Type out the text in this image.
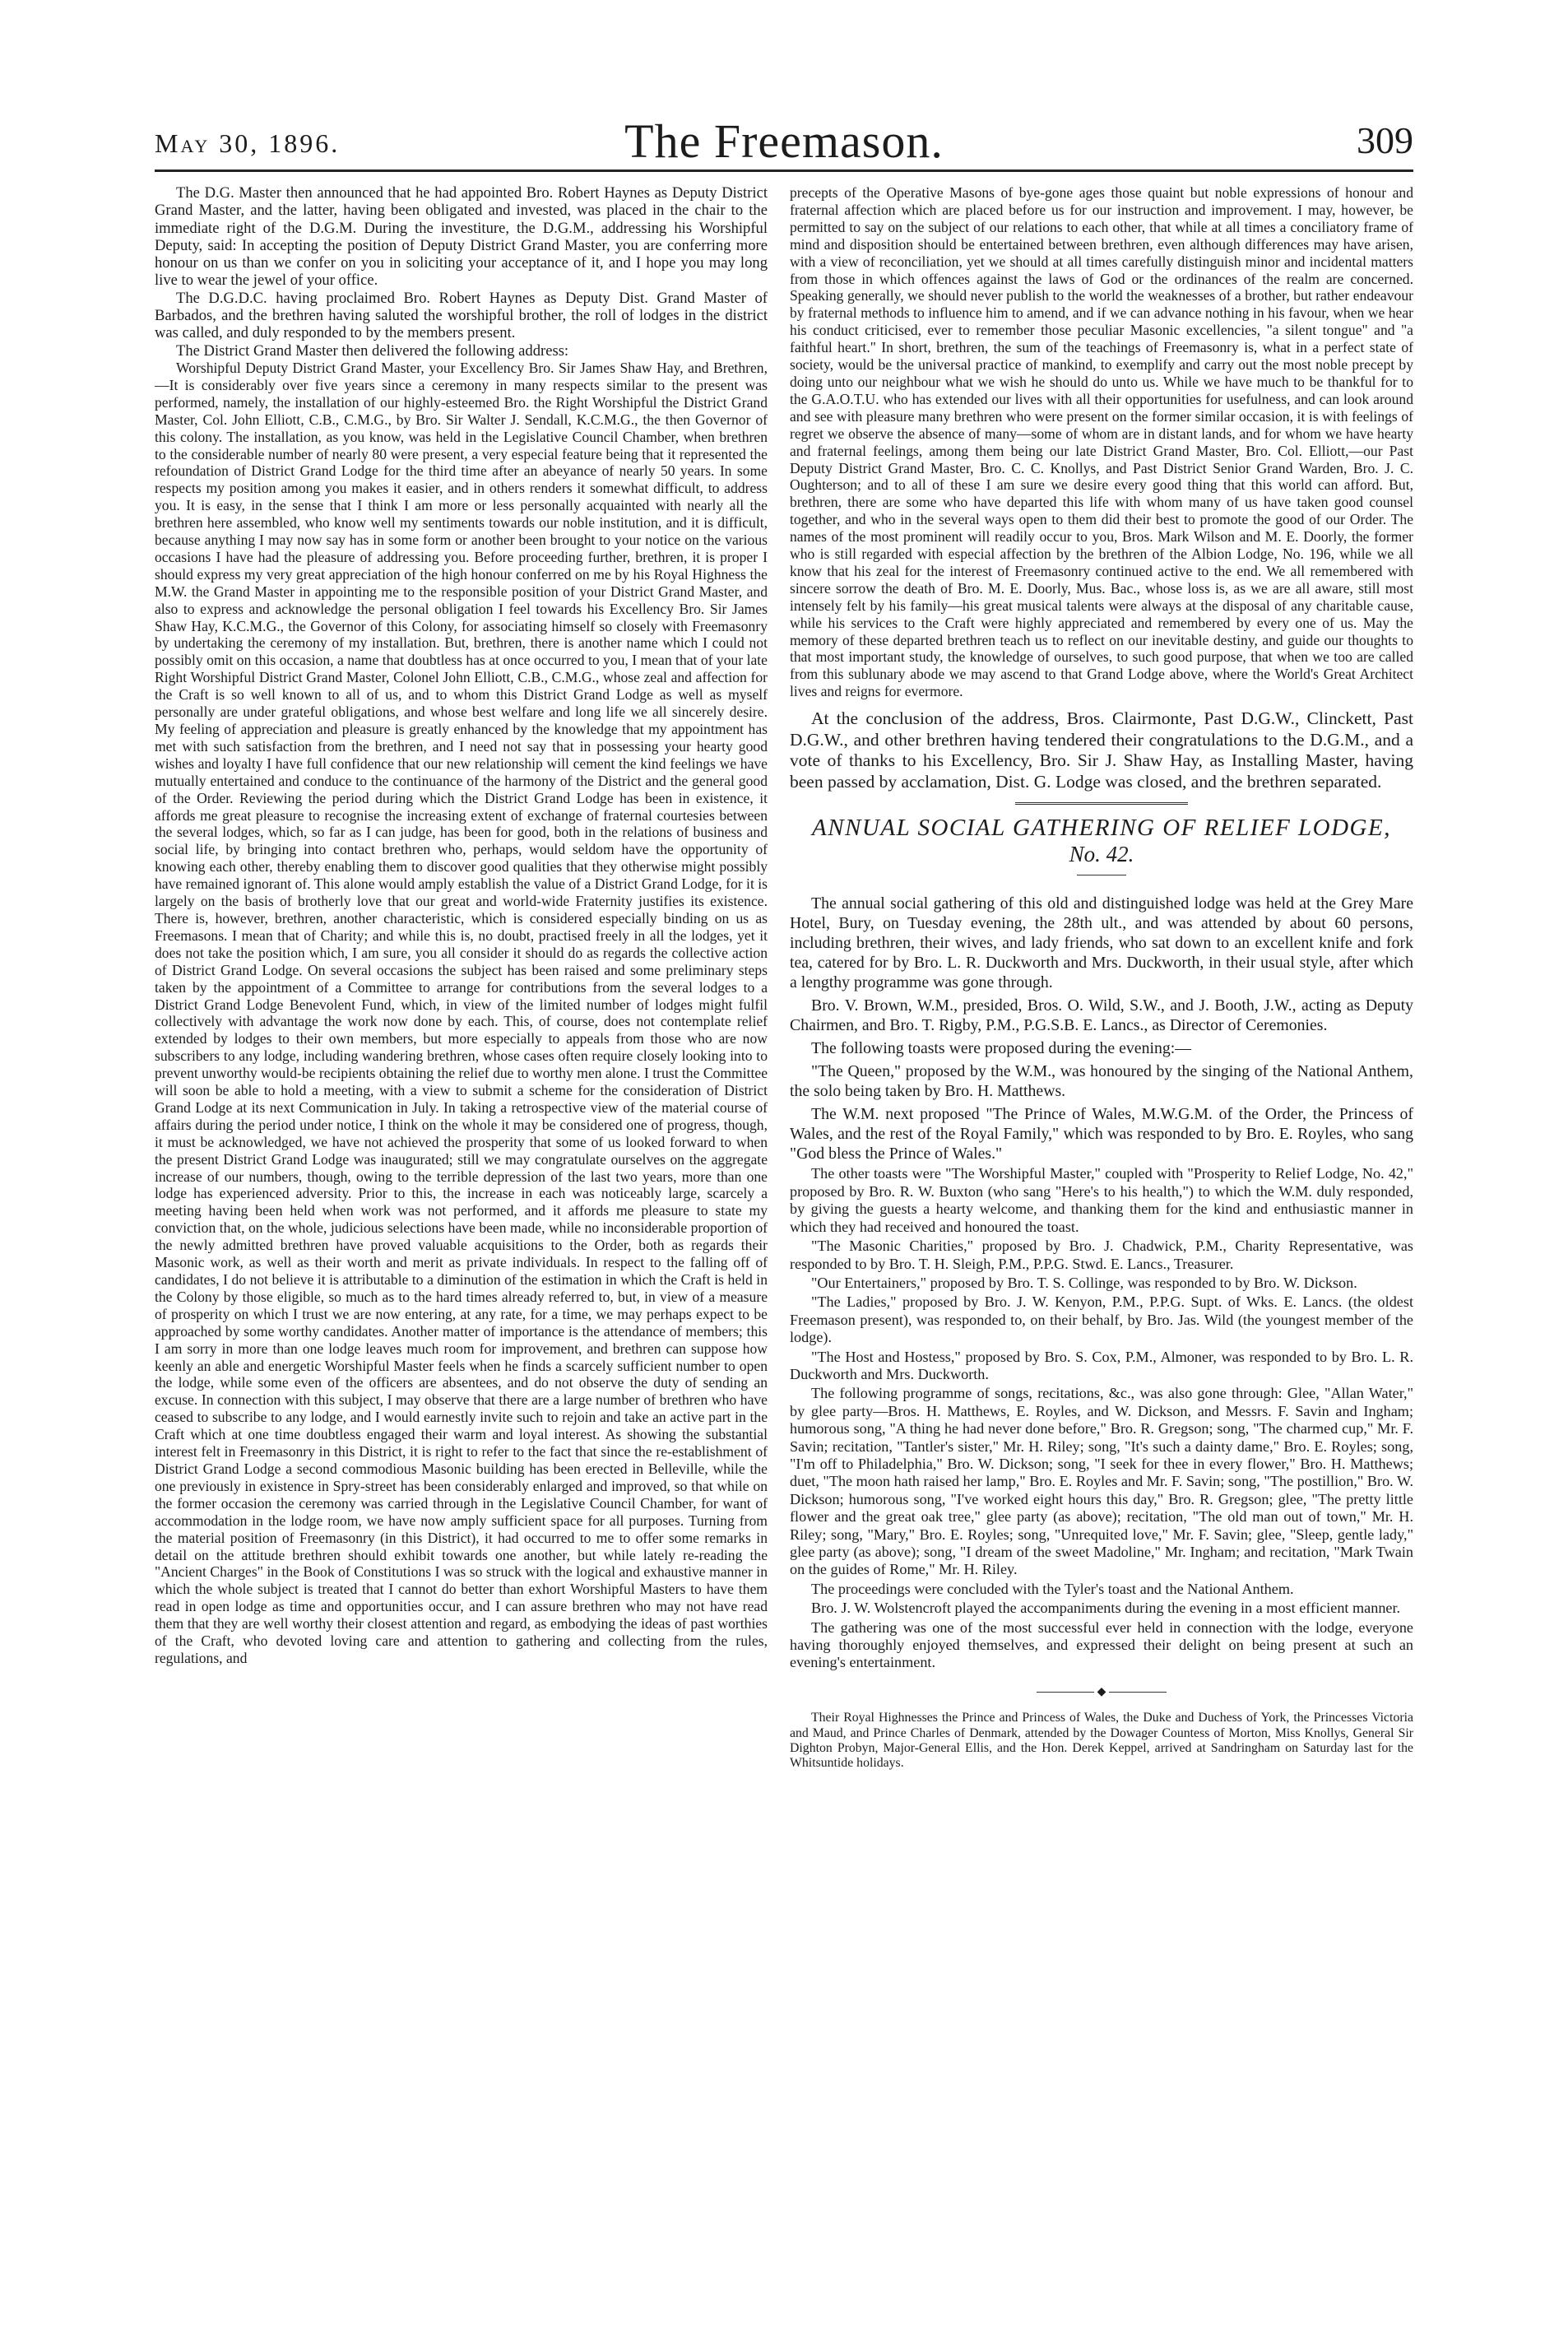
May 30, 1896.	The Freemason.	309

The D.G. Master then announced that he had appointed Bro. Robert Haynes as Deputy District Grand Master, and the latter, having been obligated and invested, was placed in the chair to the immediate right of the D.G.M. During the investiture, the D.G.M., addressing his Worshipful Deputy, said: In accepting the position of Deputy District Grand Master, you are conferring more honour on us than we confer on you in soliciting your acceptance of it, and I hope you may long live to wear the jewel of your office.

The D.G.D.C. having proclaimed Bro. Robert Haynes as Deputy Dist. Grand Master of Barbados, and the brethren having saluted the worshipful brother, the roll of lodges in the district was called, and duly responded to by the members present.

The District Grand Master then delivered the following address:

Worshipful Deputy District Grand Master, your Excellency Bro. Sir James Shaw Hay, and Brethren,—It is considerably over five years since a ceremony in many respects similar to the present was performed, namely, the installation of our highly-esteemed Bro. the Right Worshipful the District Grand Master, Col. John Elliott, C.B., C.M.G., by Bro. Sir Walter J. Sendall, K.C.M.G., the then Governor of this colony. The installation, as you know, was held in the Legislative Council Chamber, when brethren to the considerable number of nearly 80 were present, a very especial feature being that it represented the refoundation of District Grand Lodge for the third time after an abeyance of nearly 50 years. In some respects my position among you makes it easier, and in others renders it somewhat difficult, to address you. It is easy, in the sense that I think I am more or less personally acquainted with nearly all the brethren here assembled, who know well my sentiments towards our noble institution, and it is difficult, because anything I may now say has in some form or another been brought to your notice on the various occasions I have had the pleasure of addressing you. Before proceeding further, brethren, it is proper I should express my very great appreciation of the high honour conferred on me by his Royal Highness the M.W. the Grand Master in appointing me to the responsible position of your District Grand Master, and also to express and acknowledge the personal obligation I feel towards his Excellency Bro. Sir James Shaw Hay, K.C.M.G., the Governor of this Colony, for associating himself so closely with Freemasonry by undertaking the ceremony of my installation. But, brethren, there is another name which I could not possibly omit on this occasion, a name that doubtless has at once occurred to you, I mean that of your late Right Worshipful District Grand Master, Colonel John Elliott, C.B., C.M.G., whose zeal and affection for the Craft is so well known to all of us, and to whom this District Grand Lodge as well as myself personally are under grateful obligations, and whose best welfare and long life we all sincerely desire. My feeling of appreciation and pleasure is greatly enhanced by the knowledge that my appointment has met with such satisfaction from the brethren, and I need not say that in possessing your hearty good wishes and loyalty I have full confidence that our new relationship will cement the kind feelings we have mutually entertained and conduce to the continuance of the harmony of the District and the general good of the Order. Reviewing the period during which the District Grand Lodge has been in existence, it affords me great pleasure to recognise the increasing extent of exchange of fraternal courtesies between the several lodges, which, so far as I can judge, has been for good, both in the relations of business and social life, by bringing into contact brethren who, perhaps, would seldom have the opportunity of knowing each other, thereby enabling them to discover good qualities that they otherwise might possibly have remained ignorant of. This alone would amply establish the value of a District Grand Lodge, for it is largely on the basis of brotherly love that our great and world-wide Fraternity justifies its existence. There is, however, brethren, another characteristic, which is considered especially binding on us as Freemasons. I mean that of Charity; and while this is, no doubt, practised freely in all the lodges, yet it does not take the position which, I am sure, you all consider it should do as regards the collective action of District Grand Lodge. On several occasions the subject has been raised and some preliminary steps taken by the appointment of a Committee to arrange for contributions from the several lodges to a District Grand Lodge Benevolent Fund, which, in view of the limited number of lodges might fulfil collectively with advantage the work now done by each. This, of course, does not contemplate relief extended by lodges to their own members, but more especially to appeals from those who are now subscribers to any lodge, including wandering brethren, whose cases often require closely looking into to prevent unworthy would-be recipients obtaining the relief due to worthy men alone. I trust the Committee will soon be able to hold a meeting, with a view to submit a scheme for the consideration of District Grand Lodge at its next Communication in July. In taking a retrospective view of the material course of affairs during the period under notice, I think on the whole it may be considered one of progress, though, it must be acknowledged, we have not achieved the prosperity that some of us looked forward to when the present District Grand Lodge was inaugurated; still we may congratulate ourselves on the aggregate increase of our numbers, though, owing to the terrible depression of the last two years, more than one lodge has experienced adversity. Prior to this, the increase in each was noticeably large, scarcely a meeting having been held when work was not performed, and it affords me pleasure to state my conviction that, on the whole, judicious selections have been made, while no inconsiderable proportion of the newly admitted brethren have proved valuable acquisitions to the Order, both as regards their Masonic work, as well as their worth and merit as private individuals. In respect to the falling off of candidates, I do not believe it is attributable to a diminution of the estimation in which the Craft is held in the Colony by those eligible, so much as to the hard times already referred to, but, in view of a measure of prosperity on which I trust we are now entering, at any rate, for a time, we may perhaps expect to be approached by some worthy candidates. Another matter of importance is the attendance of members; this I am sorry in more than one lodge leaves much room for improvement, and brethren can suppose how keenly an able and energetic Worshipful Master feels when he finds a scarcely sufficient number to open the lodge, while some even of the officers are absentees, and do not observe the duty of sending an excuse. In connection with this subject, I may observe that there are a large number of brethren who have ceased to subscribe to any lodge, and I would earnestly invite such to rejoin and take an active part in the Craft which at one time doubtless engaged their warm and loyal interest. As showing the substantial interest felt in Freemasonry in this District, it is right to refer to the fact that since the re-establishment of District Grand Lodge a second commodious Masonic building has been erected in Belleville, while the one previously in existence in Spry-street has been considerably enlarged and improved, so that while on the former occasion the ceremony was carried through in the Legislative Council Chamber, for want of accommodation in the lodge room, we have now amply sufficient space for all purposes. Turning from the material position of Freemasonry (in this District), it had occurred to me to offer some remarks in detail on the attitude brethren should exhibit towards one another, but while lately re-reading the "Ancient Charges" in the Book of Constitutions I was so struck with the logical and exhaustive manner in which the whole subject is treated that I cannot do better than exhort Worshipful Masters to have them read in open lodge as time and opportunities occur, and I can assure brethren who may not have read them that they are well worthy their closest attention and regard, as embodying the ideas of past worthies of the Craft, who devoted loving care and attention to gathering and collecting from the rules, regulations, and

precepts of the Operative Masons of bye-gone ages those quaint but noble expressions of honour and fraternal affection which are placed before us for our instruction and improvement. I may, however, be permitted to say on the subject of our relations to each other, that while at all times a conciliatory frame of mind and disposition should be entertained between brethren, even although differences may have arisen, with a view of reconciliation, yet we should at all times carefully distinguish minor and incidental matters from those in which offences against the laws of God or the ordinances of the realm are concerned. Speaking generally, we should never publish to the world the weaknesses of a brother, but rather endeavour by fraternal methods to influence him to amend, and if we can advance nothing in his favour, when we hear his conduct criticised, ever to remember those peculiar Masonic excellencies, "a silent tongue" and "a faithful heart." In short, brethren, the sum of the teachings of Freemasonry is, what in a perfect state of society, would be the universal practice of mankind, to exemplify and carry out the most noble precept by doing unto our neighbour what we wish he should do unto us. While we have much to be thankful for to the G.A.O.T.U. who has extended our lives with all their opportunities for usefulness, and can look around and see with pleasure many brethren who were present on the former similar occasion, it is with feelings of regret we observe the absence of many—some of whom are in distant lands, and for whom we have hearty and fraternal feelings, among them being our late District Grand Master, Bro. Col. Elliott,—our Past Deputy District Grand Master, Bro. C. C. Knollys, and Past District Senior Grand Warden, Bro. J. C. Oughterson; and to all of these I am sure we desire every good thing that this world can afford. But, brethren, there are some who have departed this life with whom many of us have taken good counsel together, and who in the several ways open to them did their best to promote the good of our Order. The names of the most prominent will readily occur to you, Bros. Mark Wilson and M. E. Doorly, the former who is still regarded with especial affection by the brethren of the Albion Lodge, No. 196, while we all know that his zeal for the interest of Freemasonry continued active to the end. We all remembered with sincere sorrow the death of Bro. M. E. Doorly, Mus. Bac., whose loss is, as we are all aware, still most intensely felt by his family—his great musical talents were always at the disposal of any charitable cause, while his services to the Craft were highly appreciated and remembered by every one of us. May the memory of these departed brethren teach us to reflect on our inevitable destiny, and guide our thoughts to that most important study, the knowledge of ourselves, to such good purpose, that when we too are called from this sublunary abode we may ascend to that Grand Lodge above, where the World's Great Architect lives and reigns for evermore.

At the conclusion of the address, Bros. Clairmonte, Past D.G.W., Clinckett, Past D.G.W., and other brethren having tendered their congratulations to the D.G.M., and a vote of thanks to his Excellency, Bro. Sir J. Shaw Hay, as Installing Master, having been passed by acclamation, Dist. G. Lodge was closed, and the brethren separated.

ANNUAL SOCIAL GATHERING OF RELIEF LODGE,
No. 42.

The annual social gathering of this old and distinguished lodge was held at the Grey Mare Hotel, Bury, on Tuesday evening, the 28th ult., and was attended by about 60 persons, including brethren, their wives, and lady friends, who sat down to an excellent knife and fork tea, catered for by Bro. L. R. Duckworth and Mrs. Duckworth, in their usual style, after which a lengthy programme was gone through.

Bro. V. Brown, W.M., presided, Bros. O. Wild, S.W., and J. Booth, J.W., acting as Deputy Chairmen, and Bro. T. Rigby, P.M., P.G.S.B. E. Lancs., as Director of Ceremonies.

The following toasts were proposed during the evening:—

"The Queen," proposed by the W.M., was honoured by the singing of the National Anthem, the solo being taken by Bro. H. Matthews.

The W.M. next proposed "The Prince of Wales, M.W.G.M. of the Order, the Princess of Wales, and the rest of the Royal Family," which was responded to by Bro. E. Royles, who sang "God bless the Prince of Wales."

The other toasts were "The Worshipful Master," coupled with "Prosperity to Relief Lodge, No. 42," proposed by Bro. R. W. Buxton (who sang "Here's to his health,") to which the W.M. duly responded, by giving the guests a hearty welcome, and thanking them for the kind and enthusiastic manner in which they had received and honoured the toast.

"The Masonic Charities," proposed by Bro. J. Chadwick, P.M., Charity Representative, was responded to by Bro. T. H. Sleigh, P.M., P.P.G. Stwd. E. Lancs., Treasurer.

"Our Entertainers," proposed by Bro. T. S. Collinge, was responded to by Bro. W. Dickson.

"The Ladies," proposed by Bro. J. W. Kenyon, P.M., P.P.G. Supt. of Wks. E. Lancs. (the oldest Freemason present), was responded to, on their behalf, by Bro. Jas. Wild (the youngest member of the lodge).

"The Host and Hostess," proposed by Bro. S. Cox, P.M., Almoner, was responded to by Bro. L. R. Duckworth and Mrs. Duckworth.

The following programme of songs, recitations, &c., was also gone through: Glee, "Allan Water," by glee party—Bros. H. Matthews, E. Royles, and W. Dickson, and Messrs. F. Savin and Ingham; humorous song, "A thing he had never done before," Bro. R. Gregson; song, "The charmed cup," Mr. F. Savin; recitation, "Tantler's sister," Mr. H. Riley; song, "It's such a dainty dame," Bro. E. Royles; song, "I'm off to Philadelphia," Bro. W. Dickson; song, "I seek for thee in every flower," Bro. H. Matthews; duet, "The moon hath raised her lamp," Bro. E. Royles and Mr. F. Savin; song, "The postillion," Bro. W. Dickson; humorous song, "I've worked eight hours this day," Bro. R. Gregson; glee, "The pretty little flower and the great oak tree," glee party (as above); recitation, "The old man out of town," Mr. H. Riley; song, "Mary," Bro. E. Royles; song, "Unrequited love," Mr. F. Savin; glee, "Sleep, gentle lady," glee party (as above); song, "I dream of the sweet Madoline," Mr. Ingham; and recitation, "Mark Twain on the guides of Rome," Mr. H. Riley.

The proceedings were concluded with the Tyler's toast and the National Anthem.

Bro. J. W. Wolstencroft played the accompaniments during the evening in a most efficient manner.

The gathering was one of the most successful ever held in connection with the lodge, everyone having thoroughly enjoyed themselves, and expressed their delight on being present at such an evening's entertainment.

◆

Their Royal Highnesses the Prince and Princess of Wales, the Duke and Duchess of York, the Princesses Victoria and Maud, and Prince Charles of Denmark, attended by the Dowager Countess of Morton, Miss Knollys, General Sir Dighton Probyn, Major-General Ellis, and the Hon. Derek Keppel, arrived at Sandringham on Saturday last for the Whitsuntide holidays.
